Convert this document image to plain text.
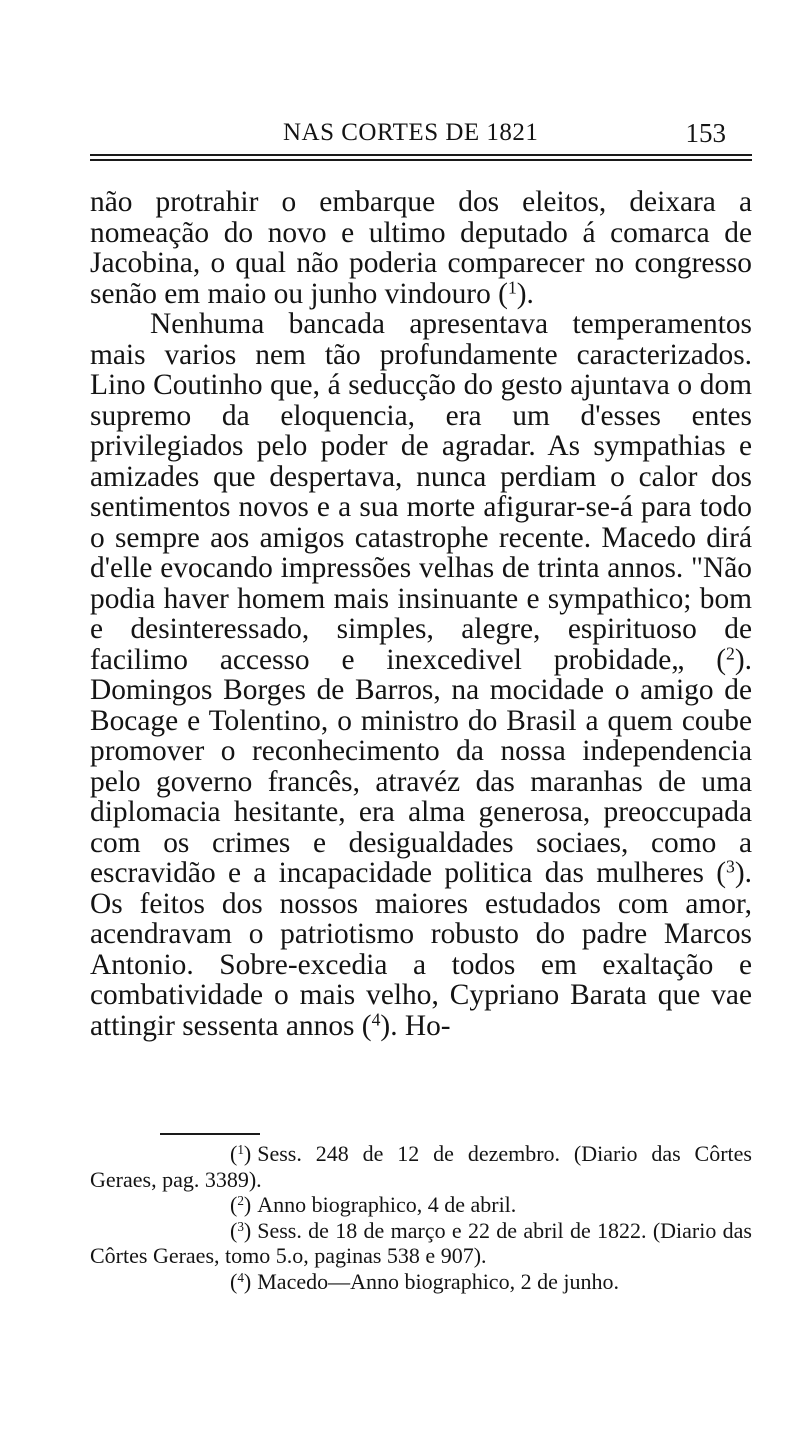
NAS CORTES DE 1821	153

não protrahir o embarque dos eleitos, deixara a nomeação do novo e ultimo deputado á comarca de Jacobina, o qual não poderia comparecer no congresso senão em maio ou junho vindouro ($^1$).

Nenhuma bancada apresentava temperamentos mais varios nem tão profundamente caracterizados. Lino Coutinho que, á seducção do gesto ajuntava o dom supremo da eloquencia, era um d'esses entes privilegiados pelo poder de agradar. As sympathias e amizades que despertava, nunca perdiam o calor dos sentimentos novos e a sua morte afigurar-se-á para todo o sempre aos amigos catastrophe recente. Macedo dirá d'elle evocando impressões velhas de trinta annos. "Não podia haver homem mais insinuante e sympathico; bom e desinteressado, simples, alegre, espirituoso de facilimo accesso e inexcedivel probidade„ ($^2$). Domingos Borges de Barros, na mocidade o amigo de Bocage e Tolentino, o ministro do Brasil a quem coube promover o reconhecimento da nossa independencia pelo governo francês, atravéz das maranhas de uma diplomacia hesitante, era alma generosa, preoccupada com os crimes e desigualdades sociaes, como a escravidão e a incapacidade politica das mulheres ($^3$). Os feitos dos nossos maiores estudados com amor, acendravam o patriotismo robusto do padre Marcos Antonio. Sobre-excedia a todos em exaltação e combatividade o mais velho, Cypriano Barata que vae attingir sessenta annos ($^4$). Ho-

($^1$) Sess. 248 de 12 de dezembro. (Diario das Côrtes Geraes, pag. 3389).

($^2$) Anno biographico, 4 de abril.

($^3$) Sess. de 18 de março e 22 de abril de 1822. (Diario das Côrtes Geraes, tomo 5.o, paginas 538 e 907).

($^4$) Macedo—Anno biographico, 2 de junho.
